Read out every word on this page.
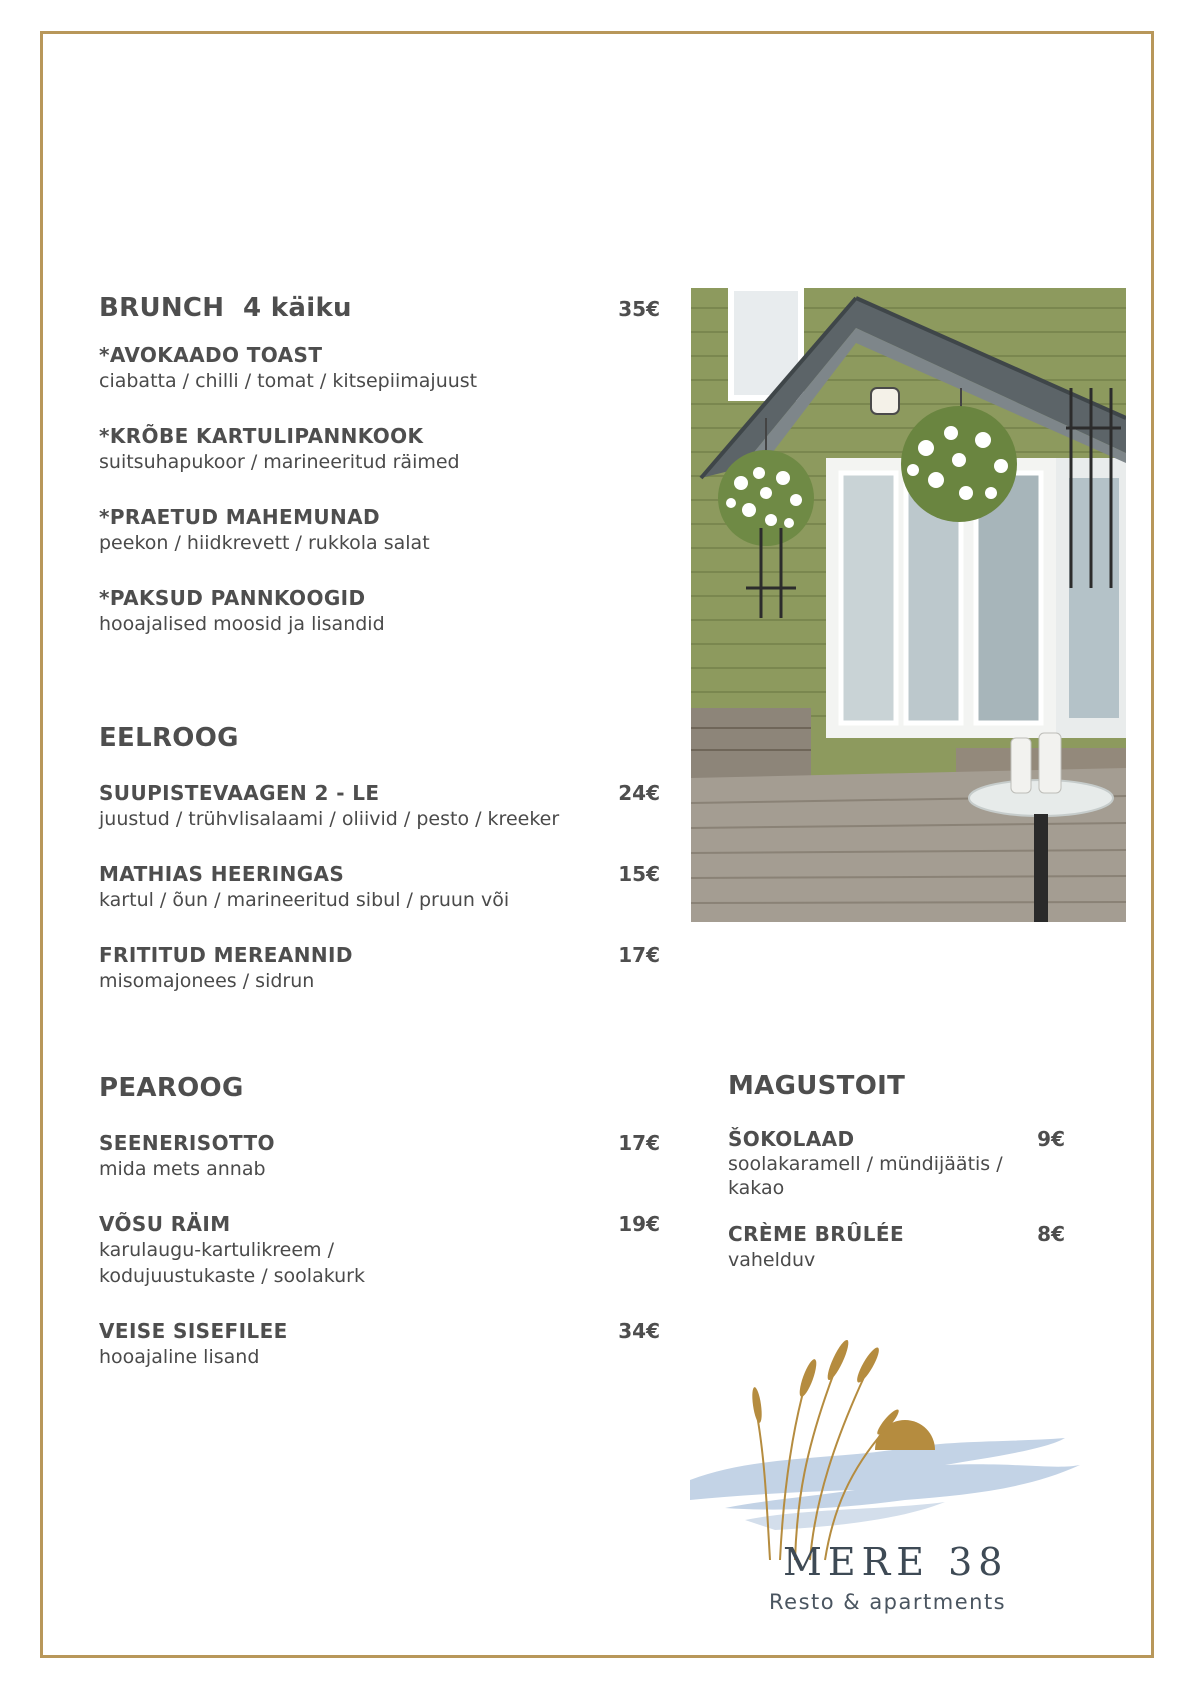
BRUNCH  4 käiku	35€
*AVOKAADO TOAST
ciabatta / chilli / tomat / kitsepiimajuust
*KRÕBE KARTULIPANNKOOK
suitsuhapukoor / marineeritud räimed
*PRAETUD MAHEMUNAD
peekon / hiidkrevett / rukkola salat
*PAKSUD PANNKOOGID
hooajalised moosid ja lisandid
EELROOG
SUUPISTEVAAGEN 2 - LE	24€
juustud / trühvlisalaami / oliivid / pesto / kreeker
MATHIAS HEERINGAS	15€
kartul / õun / marineeritud sibul / pruun või
FRITITUD MEREANNID	17€
misomajonees / sidrun
PEAROOG
SEENERISOTTO	17€
mida mets annab
VÕSU RÄIM	19€
karulaugu-kartulikreem /
kodujuustukaste / soolakurk
VEISE SISEFILEE	34€
hooajaline lisand
MAGUSTOIT
ŠOKOLAAD	9€
soolakaramell / mündijäätis /
kakao
CRÈME BRÛLÉE	8€
vahelduv
MERE 38
Resto & apartments
